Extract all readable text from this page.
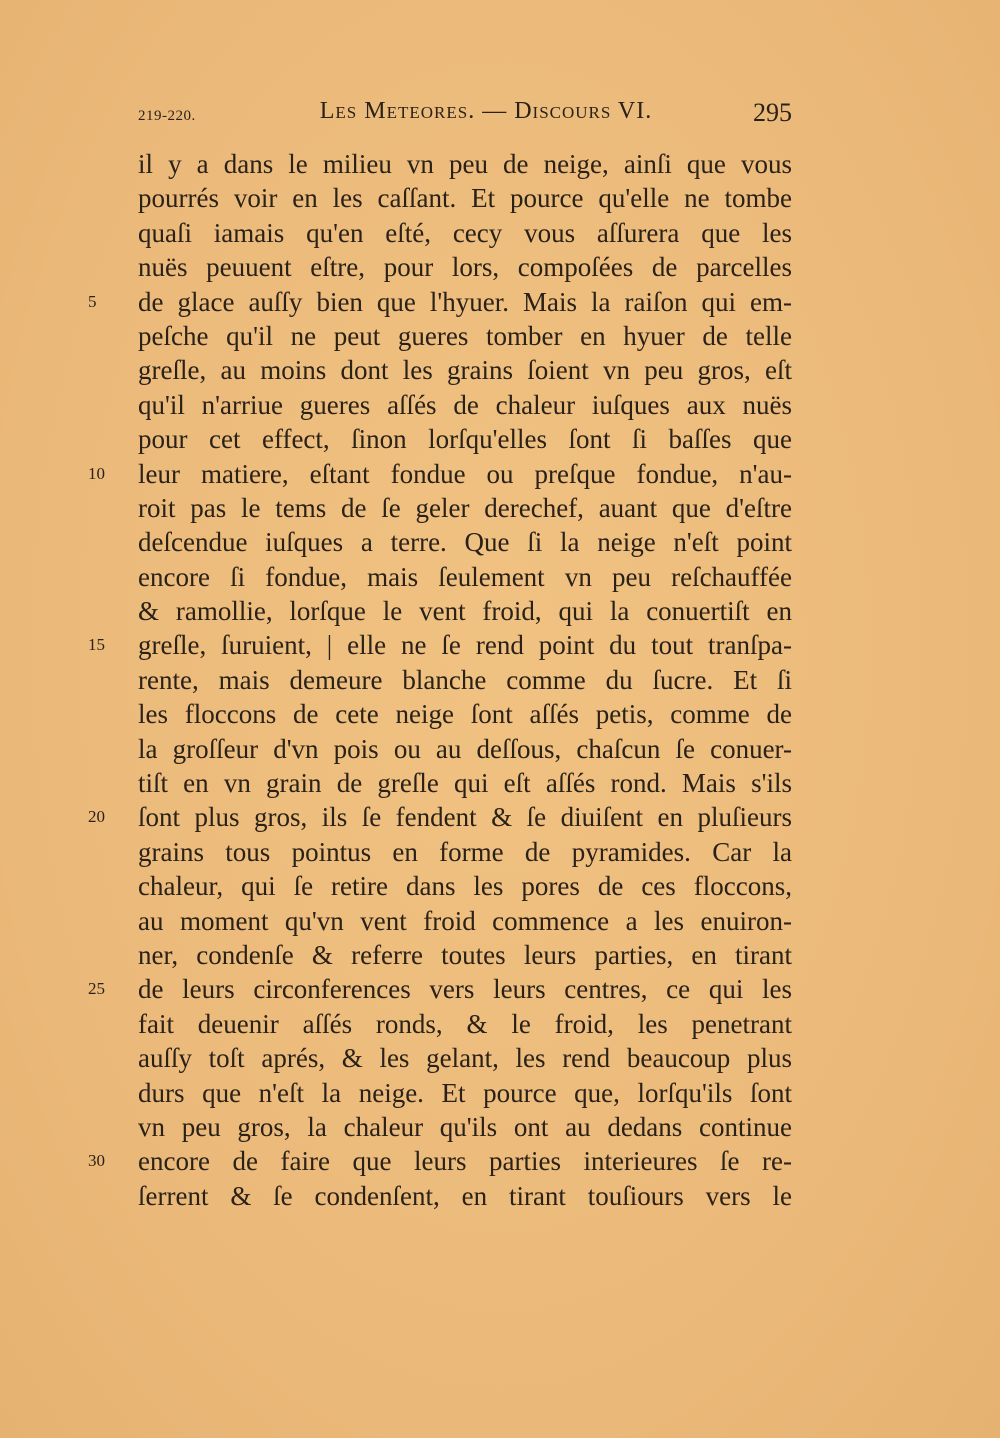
219-220.	Les Meteores. — Discours VI.	295
il y a dans le milieu vn peu de neige, ainſi que vous
pourrés voir en les caſſant. Et pource qu'elle ne tombe
quaſi iamais qu'en eſté, cecy vous aſſurera que les
nuës peuuent eſtre, pour lors, compoſées de parcelles
5	de glace auſſy bien que l'hyuer. Mais la raiſon qui em-
peſche qu'il ne peut gueres tomber en hyuer de telle
greſle, au moins dont les grains ſoient vn peu gros, eſt
qu'il n'arriue gueres aſſés de chaleur iuſques aux nuës
pour cet effect, ſinon lorſqu'elles ſont ſi baſſes que
10	leur matiere, eſtant fondue ou preſque fondue, n'au-
roit pas le tems de ſe geler derechef, auant que d'eſtre
deſcendue iuſques a terre. Que ſi la neige n'eſt point
encore ſi fondue, mais ſeulement vn peu reſchauffée
& ramollie, lorſque le vent froid, qui la conuertiſt en
15	greſle, ſuruient, | elle ne ſe rend point du tout tranſpa-
rente, mais demeure blanche comme du ſucre. Et ſi
les floccons de cete neige ſont aſſés petis, comme de
la groſſeur d'vn pois ou au deſſous, chaſcun ſe conuer-
tiſt en vn grain de greſle qui eſt aſſés rond. Mais s'ils
20	ſont plus gros, ils ſe fendent & ſe diuiſent en pluſieurs
grains tous pointus en forme de pyramides. Car la
chaleur, qui ſe retire dans les pores de ces floccons,
au moment qu'vn vent froid commence a les enuiron-
ner, condenſe & referre toutes leurs parties, en tirant
25	de leurs circonferences vers leurs centres, ce qui les
fait deuenir aſſés ronds, & le froid, les penetrant
auſſy toſt aprés, & les gelant, les rend beaucoup plus
durs que n'eſt la neige. Et pource que, lorſqu'ils ſont
vn peu gros, la chaleur qu'ils ont au dedans continue
30	encore de faire que leurs parties interieures ſe re-
ſerrent & ſe condenſent, en tirant touſiours vers le
